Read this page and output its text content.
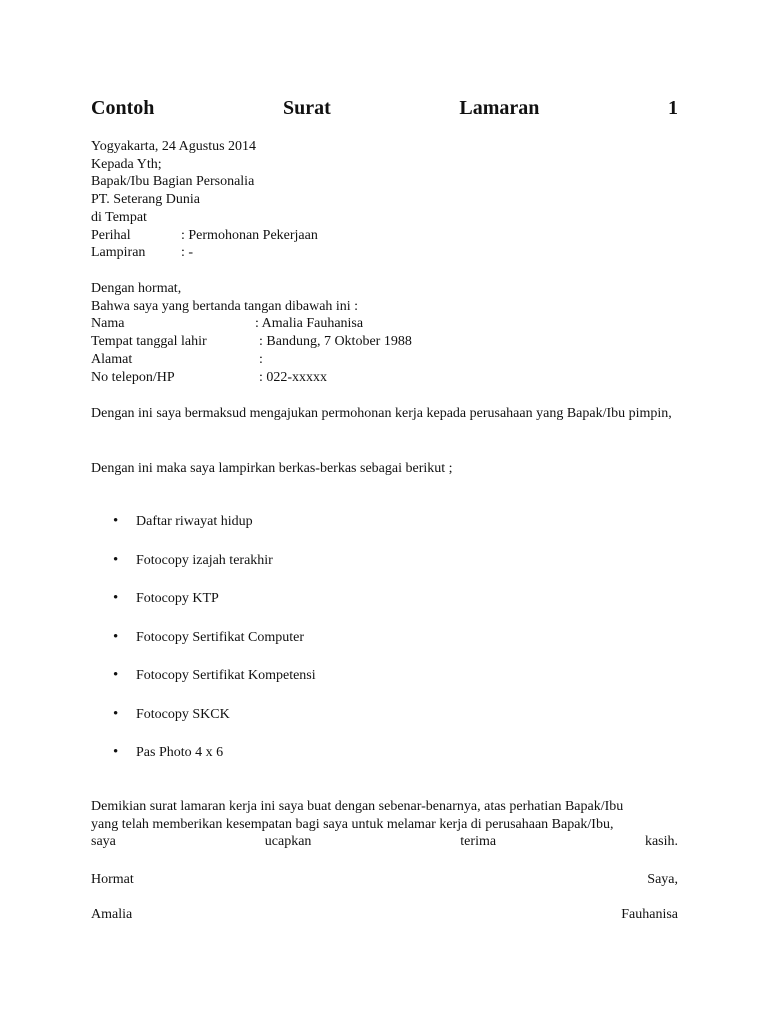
Contoh	Surat	Lamaran	1
Yogyakarta, 24 Agustus 2014
Kepada Yth;
Bapak/Ibu Bagian Personalia
PT. Seterang Dunia
di Tempat
Perihal	: Permohonan Pekerjaan
Lampiran	: -
Dengan hormat,
Bahwa saya yang bertanda tangan dibawah ini :
Nama	: Amalia Fauhanisa
Tempat tanggal lahir	: Bandung, 7 Oktober 1988
Alamat	:
No telepon/HP	: 022-xxxxx
Dengan ini saya bermaksud mengajukan permohonan kerja kepada perusahaan yang Bapak/Ibu pimpin,
Dengan ini maka saya lampirkan berkas-berkas sebagai berikut ;
• Daftar riwayat hidup
• Fotocopy izajah terakhir
• Fotocopy KTP
• Fotocopy Sertifikat Computer
• Fotocopy Sertifikat Kompetensi
• Fotocopy SKCK
• Pas Photo 4 x 6
Demikian surat lamaran kerja ini saya buat dengan sebenar-benarnya, atas perhatian Bapak/Ibu
yang telah memberikan kesempatan bagi saya untuk melamar kerja di perusahaan Bapak/Ibu,
saya	ucapkan	terima	kasih.
Hormat	Saya,
Amalia	Fauhanisa
